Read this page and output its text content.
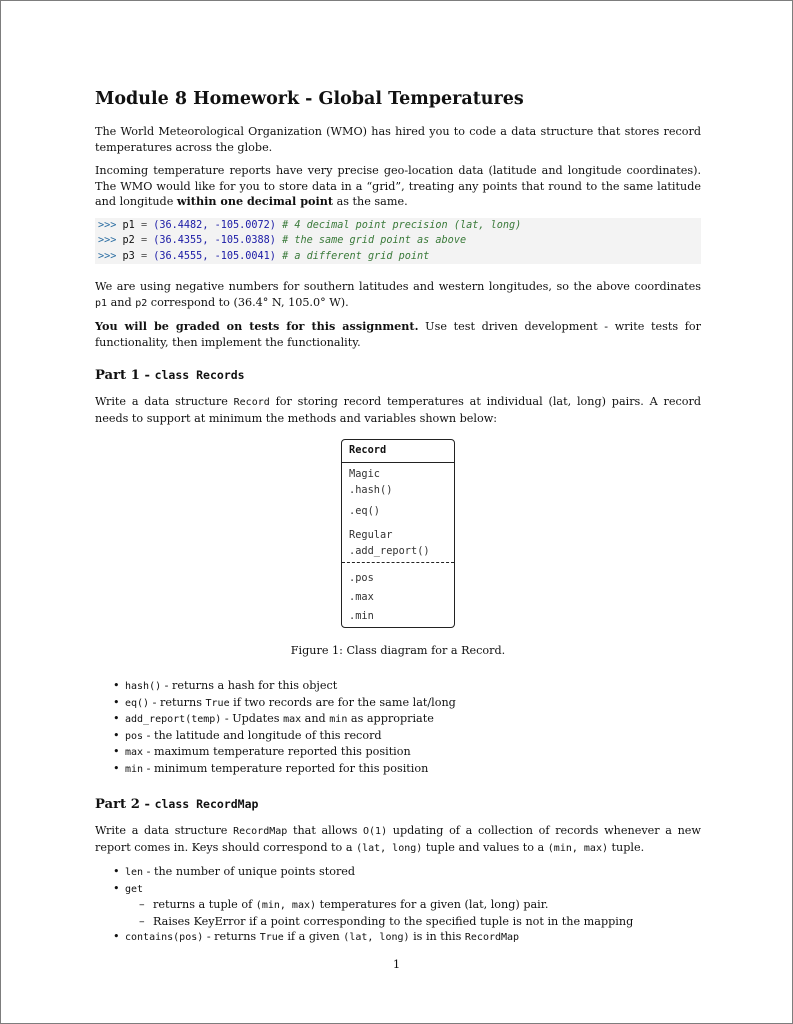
Module 8 Homework - Global Temperatures

The World Meteorological Organization (WMO) has hired you to code a data structure that stores record temperatures across the globe.

Incoming temperature reports have very precise geo-location data (latitude and longitude coordinates). The WMO would like for you to store data in a “grid”, treating any points that round to the same latitude and longitude within one decimal point as the same.

>>> p1 = (36.4482, -105.0072) # 4 decimal point precision (lat, long)
>>> p2 = (36.4355, -105.0388) # the same grid point as above
>>> p3 = (36.4555, -105.0041) # a different grid point

We are using negative numbers for southern latitudes and western longitudes, so the above coordinates p1 and p2 correspond to (36.4° N, 105.0° W).

You will be graded on tests for this assignment. Use test driven development - write tests for functionality, then implement the functionality.

Part 1 - class Records

Write a data structure Record for storing record temperatures at individual (lat, long) pairs. A record needs to support at minimum the methods and variables shown below:

Record
Magic
.hash()
.eq()
Regular
.add_report()
.pos
.max
.min
Figure 1: Class diagram for a Record.
• hash() - returns a hash for this object
• eq() - returns True if two records are for the same lat/long
• add_report(temp) - Updates max and min as appropriate
• pos - the latitude and longitude of this record
• max - maximum temperature reported this position
• min - minimum temperature reported for this position
Part 2 - class RecordMap

Write a data structure RecordMap that allows O(1) updating of a collection of records whenever a new report comes in. Keys should correspond to a (lat, long) tuple and values to a (min, max) tuple.

• len - the number of unique points stored
• get
– returns a tuple of (min, max) temperatures for a given (lat, long) pair.
– Raises KeyError if a point corresponding to the specified tuple is not in the mapping
• contains(pos) - returns True if a given (lat, long) is in this RecordMap
1
